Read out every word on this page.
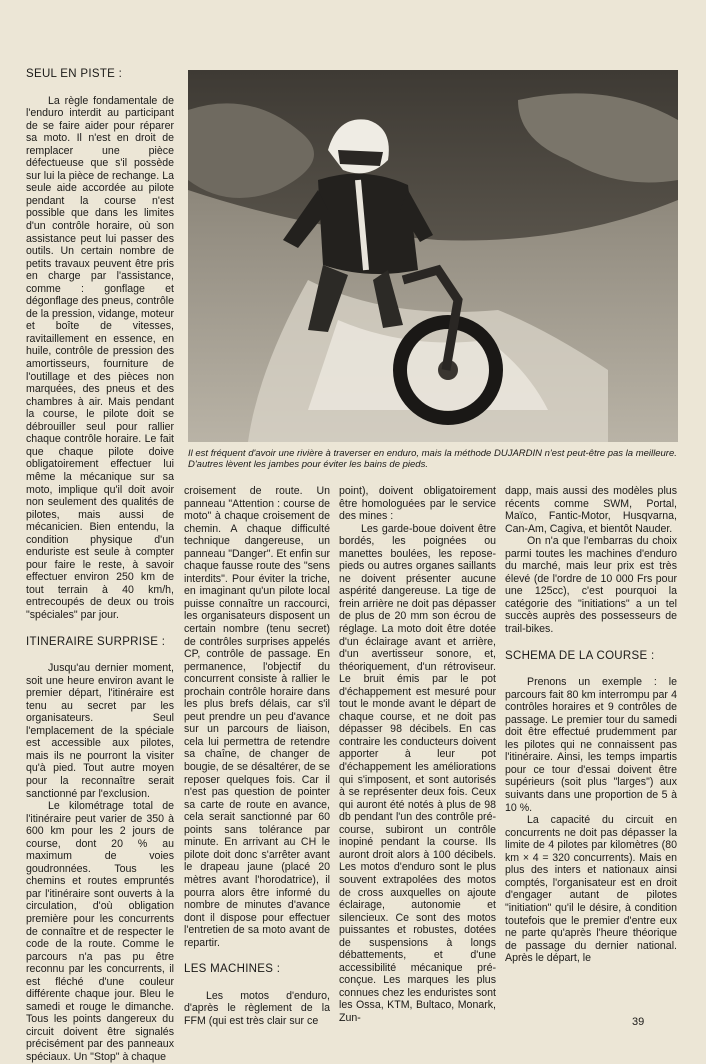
SEUL EN PISTE :

La règle fondamentale de l'enduro interdit au participant de se faire aider pour réparer sa moto. Il n'est en droit de remplacer une pièce défectueuse que s'il possède sur lui la pièce de rechange. La seule aide accordée au pilote pendant la course n'est possible que dans les limites d'un contrôle horaire, où son assistance peut lui passer des outils. Un certain nombre de petits travaux peuvent être pris en charge par l'assistance, comme : gonflage et dégonflage des pneus, contrôle de la pression, vidange, moteur et boîte de vitesses, ravitaillement en essence, en huile, contrôle de pression des amortisseurs, fourniture de l'outillage et des pièces non marquées, des pneus et des chambres à air. Mais pendant la course, le pilote doit se débrouiller seul pour rallier chaque contrôle horaire. Le fait que chaque pilote doive obligatoirement effectuer lui même la mécanique sur sa moto, implique qu'il doit avoir non seulement des qualités de pilotes, mais aussi de mécanicien. Bien entendu, la condition physique d'un enduriste est seule à compter pour faire le reste, à savoir effectuer environ 250 km de tout terrain à 40 km/h, entrecoupés de deux ou trois "spéciales" par jour.

ITINERAIRE SURPRISE :

Jusqu'au dernier moment, soit une heure environ avant le premier départ, l'itinéraire est tenu au secret par les organisateurs. Seul l'emplacement de la spéciale est accessible aux pilotes, mais ils ne pourront la visiter qu'à pied. Tout autre moyen pour la reconnaître serait sanctionné par l'exclusion.

Le kilométrage total de l'itinéraire peut varier de 350 à 600 km pour les 2 jours de course, dont 20 % au maximum de voies goudronnées. Tous les chemins et routes empruntés par l'itinéraire sont ouverts à la circulation, d'où obligation première pour les concurrents de connaître et de respecter le code de la route. Comme le parcours n'a pas pu être reconnu par les concurrents, il est fléché d'une couleur différente chaque jour. Bleu le samedi et rouge le dimanche. Tous les points dangereux du circuit doivent être signalés précisément par des panneaux spéciaux. Un "Stop" à chaque

Il est fréquent d'avoir une rivière à traverser en enduro, mais la méthode DUJARDIN n'est peut-être pas la meilleure. D'autres lèvent les jambes pour éviter les bains de pieds.

croisement de route. Un panneau "Attention : course de moto" à chaque croisement de chemin. A chaque difficulté technique dangereuse, un panneau "Danger". Et enfin sur chaque fausse route des "sens interdits". Pour éviter la triche, en imaginant qu'un pilote local puisse connaître un raccourci, les organisateurs disposent un certain nombre (tenu secret) de contrôles surprises appelés CP, contrôle de passage. En permanence, l'objectif du concurrent consiste à rallier le prochain contrôle horaire dans les plus brefs délais, car s'il peut prendre un peu d'avance sur un parcours de liaison, cela lui permettra de retendre sa chaîne, de changer de bougie, de se désaltérer, de se reposer quelques fois. Car il n'est pas question de pointer sa carte de route en avance, cela serait sanctionné par 60 points sans tolérance par minute. En arrivant au CH le pilote doit donc s'arrêter avant le drapeau jaune (placé 20 mètres avant l'horodatrice), il pourra alors être informé du nombre de minutes d'avance dont il dispose pour effectuer l'entretien de sa moto avant de repartir.

LES MACHINES :

Les motos d'enduro, d'après le règlement de la FFM (qui est très clair sur ce

point), doivent obligatoirement être homologuées par le service des mines :

Les garde-boue doivent être bordés, les poignées ou manettes boulées, les repose-pieds ou autres organes saillants ne doivent présenter aucune aspérité dangereuse. La tige de frein arrière ne doit pas dépasser de plus de 20 mm son écrou de réglage. La moto doit être dotée d'un éclairage avant et arrière, d'un avertisseur sonore, et, théoriquement, d'un rétroviseur. Le bruit émis par le pot d'échappement est mesuré pour tout le monde avant le départ de chaque course, et ne doit pas dépasser 98 décibels. En cas contraire les conducteurs doivent apporter à leur pot d'échappement les améliorations qui s'imposent, et sont autorisés à se représenter deux fois. Ceux qui auront été notés à plus de 98 db pendant l'un des contrôle pré-course, subiront un contrôle inopiné pendant la course. Ils auront droit alors à 100 décibels. Les motos d'enduro sont le plus souvent extrapolées des motos de cross auxquelles on ajoute éclairage, autonomie et silencieux. Ce sont des motos puissantes et robustes, dotées de suspensions à longs débattements, et d'une accessibilité mécanique pré-conçue. Les marques les plus connues chez les enduristes sont les Ossa, KTM, Bultaco, Monark, Zun-

dapp, mais aussi des modèles plus récents comme SWM, Portal, Maïco, Fantic-Motor, Husqvarna, Can-Am, Cagiva, et bientôt Nauder.

On n'a que l'embarras du choix parmi toutes les machines d'enduro du marché, mais leur prix est très élevé (de l'ordre de 10 000 Frs pour une 125cc), c'est pourquoi la catégorie des "initiations" a un tel succès auprès des possesseurs de trail-bikes.

SCHEMA DE LA COURSE :

Prenons un exemple : le parcours fait 80 km interrompu par 4 contrôles horaires et 9 contrôles de passage. Le premier tour du samedi doit être effectué prudemment par les pilotes qui ne connaissent pas l'itinéraire. Ainsi, les temps impartis pour ce tour d'essai doivent être supérieurs (soit plus "larges") aux suivants dans une proportion de 5 à 10 %.

La capacité du circuit en concurrents ne doit pas dépasser la limite de 4 pilotes par kilomètres (80 km × 4 = 320 concurrents). Mais en plus des inters et nationaux ainsi comptés, l'organisateur est en droit d'engager autant de pilotes "initiation" qu'il le désire, à condition toutefois que le premier d'entre eux ne parte qu'après l'heure théorique de passage du dernier national. Après le départ, le

39
